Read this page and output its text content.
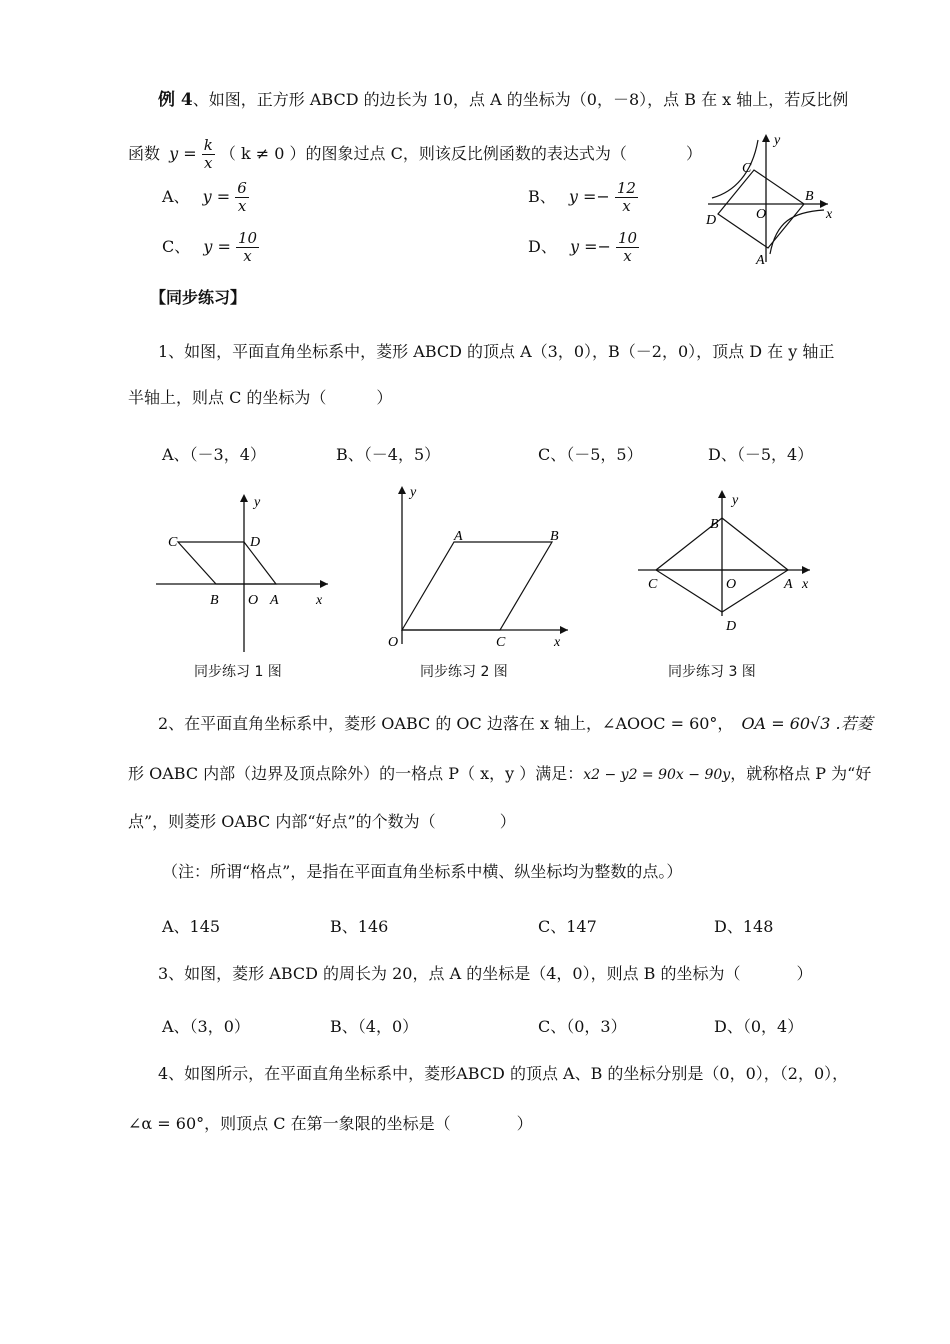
例 4、如图，正方形 ABCD 的边长为 10，点 A 的坐标为（0，－8），点 B 在 x 轴上，若反比例
函数 $y = \frac{k}{x}$ （ k ≠ 0 ）的图象过点 C，则该反比例函数的表达式为（	）
A、 $y = \frac{6}{x}$	B、 $y =- \frac{12}{x}$
C、 $y = \frac{10}{x}$	D、 $y =- \frac{10}{x}$
y
x
B
C
D	O
A
【同步练习】
1、如图，平面直角坐标系中，菱形 ABCD 的顶点 A（3，0），B（－2，0），顶点 D 在 y 轴正
半轴上，则点 C 的坐标为（	）
A、（－3，4）	B、（－4，5）	C、（－5，5）	D、（－5，4）
y
x
C	D
B O A
同步练习 1 图
y
x
A	B
O	C
同步练习 2 图
y
x
B
C	O	A
D
同步练习 3 图
2、在平面直角坐标系中，菱形 OABC 的 OC 边落在 x 轴上，∠AOOC = 60°， OA = 60√3 .若菱
形 OABC 内部（边界及顶点除外）的一格点 P（ x，y ）满足：x2 − y2 = 90x − 90y，就称格点 P 为“好
点”，则菱形 OABC 内部“好点”的个数为（	）
（注：所谓“格点”，是指在平面直角坐标系中横、纵坐标均为整数的点。）
A、145	B、146	C、147	D、148
3、如图，菱形 ABCD 的周长为 20，点 A 的坐标是（4，0），则点 B 的坐标为（	）
A、（3，0）	B、（4，0）	C、（0，3）	D、（0，4）
4、如图所示，在平面直角坐标系中，菱形ABCD 的顶点 A、B 的坐标分别是（0，0），（2，0），
∠α = 60°，则顶点 C 在第一象限的坐标是（	）
